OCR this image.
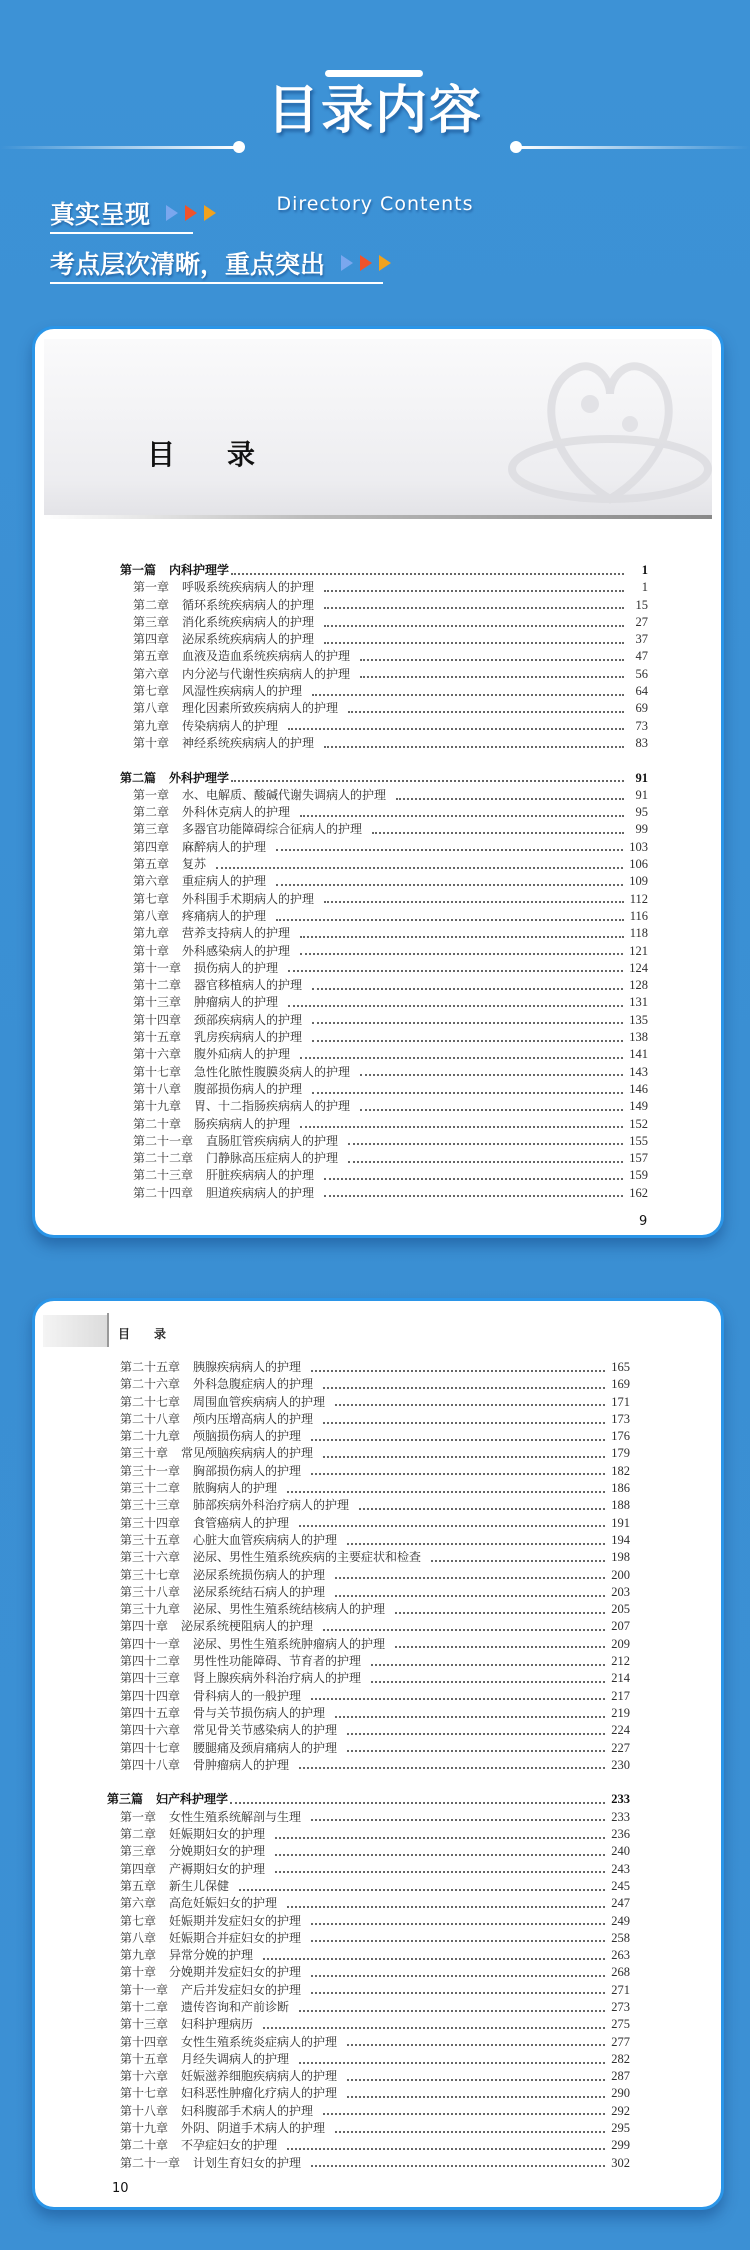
目录内容
Directory Contents
真实呈现
考点层次清晰，重点突出
目 录
第一篇 内科护理学	1
第一章 呼吸系统疾病病人的护理	1
第二章 循环系统疾病病人的护理	15
第三章 消化系统疾病病人的护理	27
第四章 泌尿系统疾病病人的护理	37
第五章 血液及造血系统疾病病人的护理	47
第六章 内分泌与代谢性疾病病人的护理	56
第七章 风湿性疾病病人的护理	64
第八章 理化因素所致疾病病人的护理	69
第九章 传染病病人的护理	73
第十章 神经系统疾病病人的护理	83
第二篇 外科护理学	91
第一章 水、电解质、酸碱代谢失调病人的护理	91
第二章 外科休克病人的护理	95
第三章 多器官功能障碍综合征病人的护理	99
第四章 麻醉病人的护理	103
第五章 复苏	106
第六章 重症病人的护理	109
第七章 外科围手术期病人的护理	112
第八章 疼痛病人的护理	116
第九章 营养支持病人的护理	118
第十章 外科感染病人的护理	121
第十一章 损伤病人的护理	124
第十二章 器官移植病人的护理	128
第十三章 肿瘤病人的护理	131
第十四章 颈部疾病病人的护理	135
第十五章 乳房疾病病人的护理	138
第十六章 腹外疝病人的护理	141
第十七章 急性化脓性腹膜炎病人的护理	143
第十八章 腹部损伤病人的护理	146
第十九章 胃、十二指肠疾病病人的护理	149
第二十章 肠疾病病人的护理	152
第二十一章 直肠肛管疾病病人的护理	155
第二十二章 门静脉高压症病人的护理	157
第二十三章 肝脏疾病病人的护理	159
第二十四章 胆道疾病病人的护理	162
9
目 录
第二十五章 胰腺疾病病人的护理	165
第二十六章 外科急腹症病人的护理	169
第二十七章 周围血管疾病病人的护理	171
第二十八章 颅内压增高病人的护理	173
第二十九章 颅脑损伤病人的护理	176
第三十章 常见颅脑疾病病人的护理	179
第三十一章 胸部损伤病人的护理	182
第三十二章 脓胸病人的护理	186
第三十三章 肺部疾病外科治疗病人的护理	188
第三十四章 食管癌病人的护理	191
第三十五章 心脏大血管疾病病人的护理	194
第三十六章 泌尿、男性生殖系统疾病的主要症状和检查	198
第三十七章 泌尿系统损伤病人的护理	200
第三十八章 泌尿系统结石病人的护理	203
第三十九章 泌尿、男性生殖系统结核病人的护理	205
第四十章 泌尿系统梗阻病人的护理	207
第四十一章 泌尿、男性生殖系统肿瘤病人的护理	209
第四十二章 男性性功能障碍、节育者的护理	212
第四十三章 肾上腺疾病外科治疗病人的护理	214
第四十四章 骨科病人的一般护理	217
第四十五章 骨与关节损伤病人的护理	219
第四十六章 常见骨关节感染病人的护理	224
第四十七章 腰腿痛及颈肩痛病人的护理	227
第四十八章 骨肿瘤病人的护理	230
第三篇 妇产科护理学	233
第一章 女性生殖系统解剖与生理	233
第二章 妊娠期妇女的护理	236
第三章 分娩期妇女的护理	240
第四章 产褥期妇女的护理	243
第五章 新生儿保健	245
第六章 高危妊娠妇女的护理	247
第七章 妊娠期并发症妇女的护理	249
第八章 妊娠期合并症妇女的护理	258
第九章 异常分娩的护理	263
第十章 分娩期并发症妇女的护理	268
第十一章 产后并发症妇女的护理	271
第十二章 遗传咨询和产前诊断	273
第十三章 妇科护理病历	275
第十四章 女性生殖系统炎症病人的护理	277
第十五章 月经失调病人的护理	282
第十六章 妊娠滋养细胞疾病病人的护理	287
第十七章 妇科恶性肿瘤化疗病人的护理	290
第十八章 妇科腹部手术病人的护理	292
第十九章 外阴、阴道手术病人的护理	295
第二十章 不孕症妇女的护理	299
第二十一章 计划生育妇女的护理	302
10
